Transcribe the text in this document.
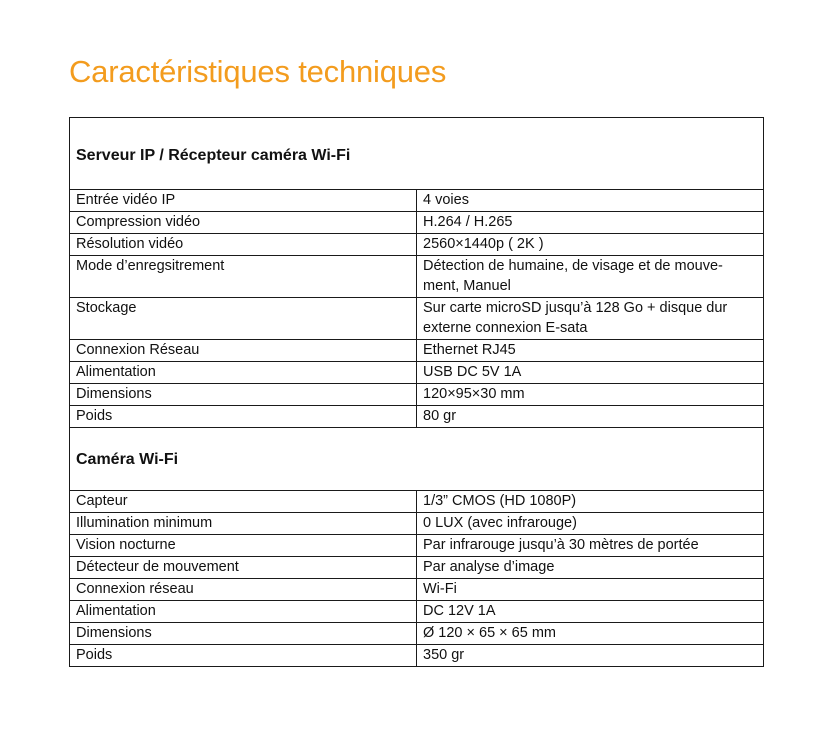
Caractéristiques techniques
Serveur IP / Récepteur caméra Wi-Fi	
Entrée vidéo IP	4 voies
Compression vidéo	H.264 / H.265
Résolution vidéo	2560×1440p ( 2K )
Mode d’enregsitrement	Détection de humaine, de visage et de mouve-ment, Manuel
Stockage	Sur carte microSD jusqu’à 128 Go + disque dur externe connexion E-sata
Connexion Réseau	Ethernet RJ45
Alimentation	USB DC 5V 1A
Dimensions	120×95×30 mm
Poids	80 gr
Caméra Wi-Fi	
Capteur	1/3” CMOS (HD 1080P)
Illumination minimum	0 LUX (avec infrarouge)
Vision nocturne	Par infrarouge jusqu’à 30 mètres de portée
Détecteur de mouvement	Par analyse d’image
Connexion réseau	Wi-Fi
Alimentation	DC 12V 1A
Dimensions	Ø 120 × 65 × 65 mm
Poids	350 gr
